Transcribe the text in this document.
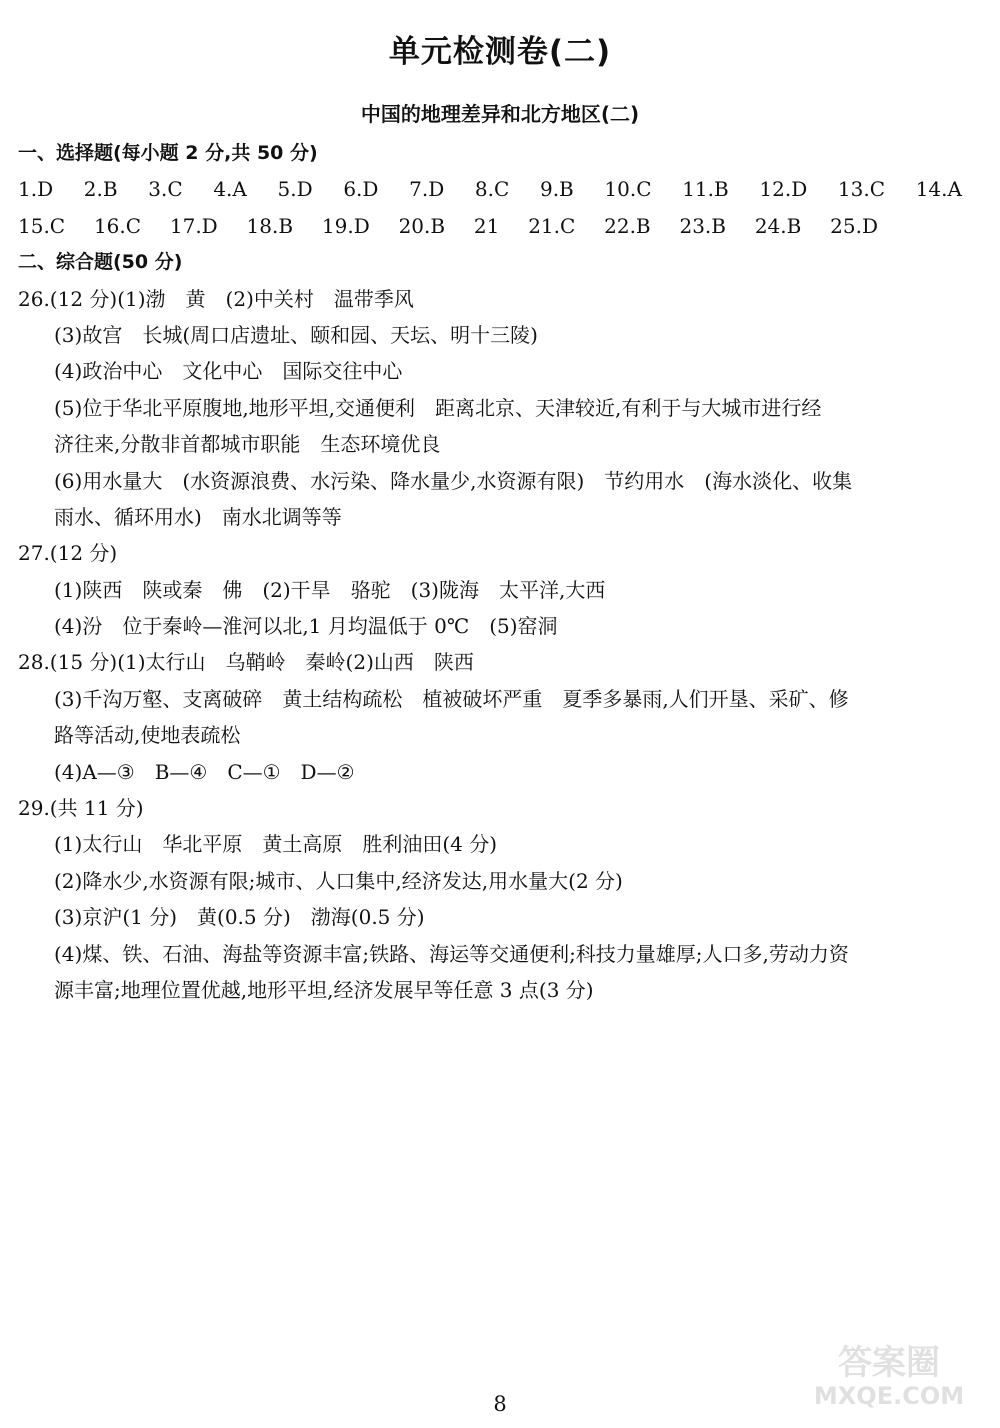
单元检测卷(二)
中国的地理差异和北方地区(二)
一、选择题(每小题 2 分,共 50 分)
1.D 2.B 3.C 4.A 5.D 6.D 7.D 8.C 9.B 10.C 11.B 12.D 13.C 14.A
15.C 16.C 17.D 18.B 19.D 20.B 21 21.C 22.B 23.B 24.B 25.D
二、综合题(50 分)
26.(12 分)(1)渤　黄　(2)中关村　温带季风
(3)故宫　长城(周口店遗址、颐和园、天坛、明十三陵)
(4)政治中心　文化中心　国际交往中心
(5)位于华北平原腹地,地形平坦,交通便利　距离北京、天津较近,有利于与大城市进行经
济往来,分散非首都城市职能　生态环境优良
(6)用水量大　(水资源浪费、水污染、降水量少,水资源有限)　节约用水　(海水淡化、收集
雨水、循环用水)　南水北调等等
27.(12 分)
(1)陕西　陕或秦　佛　(2)干旱　骆驼　(3)陇海　太平洋,大西
(4)汾　位于秦岭—淮河以北,1 月均温低于 0℃　(5)窑洞
28.(15 分)(1)太行山　乌鞘岭　秦岭(2)山西　陕西
(3)千沟万壑、支离破碎　黄土结构疏松　植被破坏严重　夏季多暴雨,人们开垦、采矿、修
路等活动,使地表疏松
(4)A—③　B—④　C—①　D—②
29.(共 11 分)
(1)太行山　华北平原　黄土高原　胜利油田(4 分)
(2)降水少,水资源有限;城市、人口集中,经济发达,用水量大(2 分)
(3)京沪(1 分)　黄(0.5 分)　渤海(0.5 分)
(4)煤、铁、石油、海盐等资源丰富;铁路、海运等交通便利;科技力量雄厚;人口多,劳动力资
源丰富;地理位置优越,地形平坦,经济发展早等任意 3 点(3 分)
8
答案圈
MXQE.COM
